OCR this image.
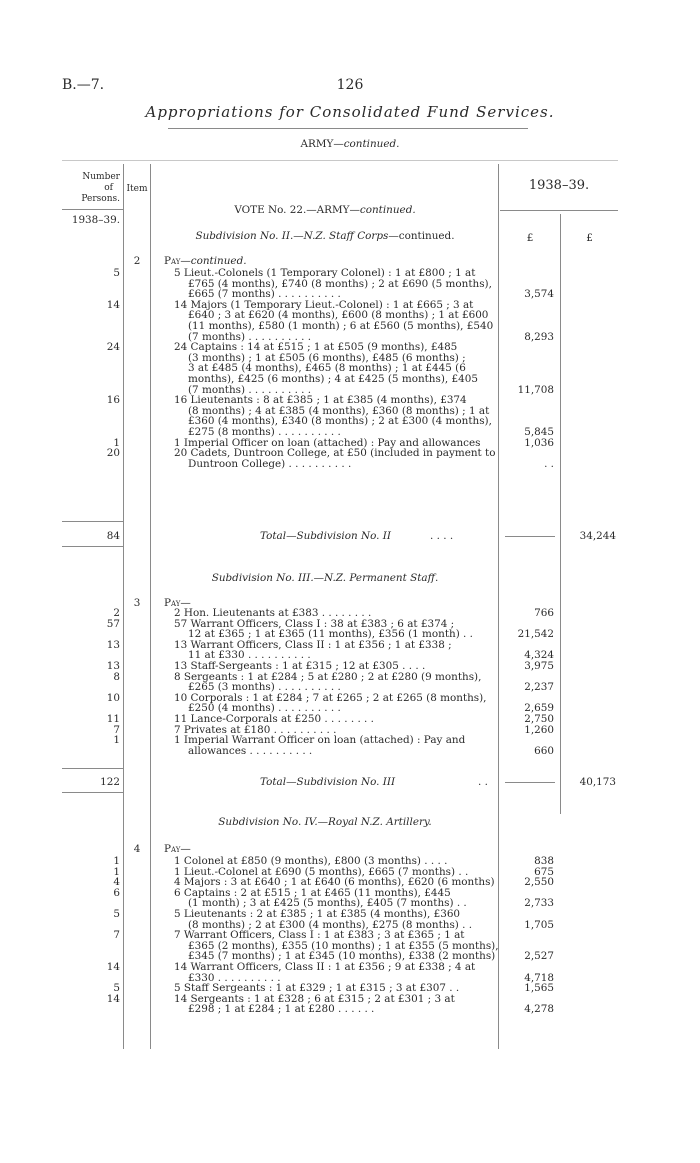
B.—7.	126
Appropriations for Consolidated Fund Services.
ARMY—continued.
Number
of
Persons.
Item	1938–39.
1938–39.
VOTE No. 22.—ARMY—continued.
£	£
Subdivision No. II.—N.Z. Staff Corps—continued.
2	Pay—continued.
5	5 Lieut.-Colonels (1 Temporary Colonel) : 1 at £800 ; 1 at
£765 (4 months), £740 (8 months) ; 2 at £690 (5 months),
£665 (7 months) . . . . . . . . . .	3,574
14	14 Majors (1 Temporary Lieut.-Colonel) : 1 at £665 ; 3 at
£640 ; 3 at £620 (4 months), £600 (8 months) ; 1 at £600
(11 months), £580 (1 month) ; 6 at £560 (5 months), £540
(7 months) . . . . . . . . . .	8,293
24	24 Captains : 14 at £515 ; 1 at £505 (9 months), £485
(3 months) ; 1 at £505 (6 months), £485 (6 months) ;
3 at £485 (4 months), £465 (8 months) ; 1 at £445 (6
months), £425 (6 months) ; 4 at £425 (5 months), £405
(7 months) . . . . . . . . . .	11,708
16	16 Lieutenants : 8 at £385 ; 1 at £385 (4 months), £374
(8 months) ; 4 at £385 (4 months), £360 (8 months) ; 1 at
£360 (4 months), £340 (8 months) ; 2 at £300 (4 months),
£275 (8 months) . . . . . . . . . .	5,845
1	1 Imperial Officer on loan (attached) : Pay and allowances	1,036
20	20 Cadets, Duntroon College, at £50 (included in payment to
Duntroon College) . . . . . . . . . .	. .
84	Total—Subdivision No. II	. . . .	34,244
Subdivision No. III.—N.Z. Permanent Staff.
3	Pay—
2	2 Hon. Lieutenants at £383 . . . . . . . .	766
57	57 Warrant Officers, Class I : 38 at £383 ; 6 at £374 ;
12 at £365 ; 1 at £365 (11 months), £356 (1 month) . .	21,542
13	13 Warrant Officers, Class II : 1 at £356 ; 1 at £338 ;
11 at £330 . . . . . . . . . .	4,324
13	13 Staff-Sergeants : 1 at £315 ; 12 at £305 . . . .	3,975
8	8 Sergeants : 1 at £284 ; 5 at £280 ; 2 at £280 (9 months),
£265 (3 months) . . . . . . . . . .	2,237
10	10 Corporals : 1 at £284 ; 7 at £265 ; 2 at £265 (8 months),
£250 (4 months) . . . . . . . . . .	2,659
11	11 Lance-Corporals at £250 . . . . . . . .	2,750
7	7 Privates at £180 . . . . . . . . . .	1,260
1	1 Imperial Warrant Officer on loan (attached) : Pay and
allowances . . . . . . . . . .	660
122	Total—Subdivision No. III	. .	40,173
Subdivision No. IV.—Royal N.Z. Artillery.
4	Pay—
1	1 Colonel at £850 (9 months), £800 (3 months) . . . .	838
1	1 Lieut.-Colonel at £690 (5 months), £665 (7 months) . .	675
4	4 Majors : 3 at £640 ; 1 at £640 (6 months), £620 (6 months)	2,550
6	6 Captains : 2 at £515 ; 1 at £465 (11 months), £445
(1 month) ; 3 at £425 (5 months), £405 (7 months) . .	2,733
5	5 Lieutenants : 2 at £385 ; 1 at £385 (4 months), £360
(8 months) ; 2 at £300 (4 months), £275 (8 months) . .	1,705
7	7 Warrant Officers, Class I : 1 at £383 ; 3 at £365 ; 1 at
£365 (2 months), £355 (10 months) ; 1 at £355 (5 months),
£345 (7 months) ; 1 at £345 (10 months), £338 (2 months)	2,527
14	14 Warrant Officers, Class II : 1 at £356 ; 9 at £338 ; 4 at
£330 . . . . . . . . . .	4,718
5	5 Staff Sergeants : 1 at £329 ; 1 at £315 ; 3 at £307 . .	1,565
14	14 Sergeants : 1 at £328 ; 6 at £315 ; 2 at £301 ; 3 at
£298 ; 1 at £284 ; 1 at £280 . . . . . .	4,278
